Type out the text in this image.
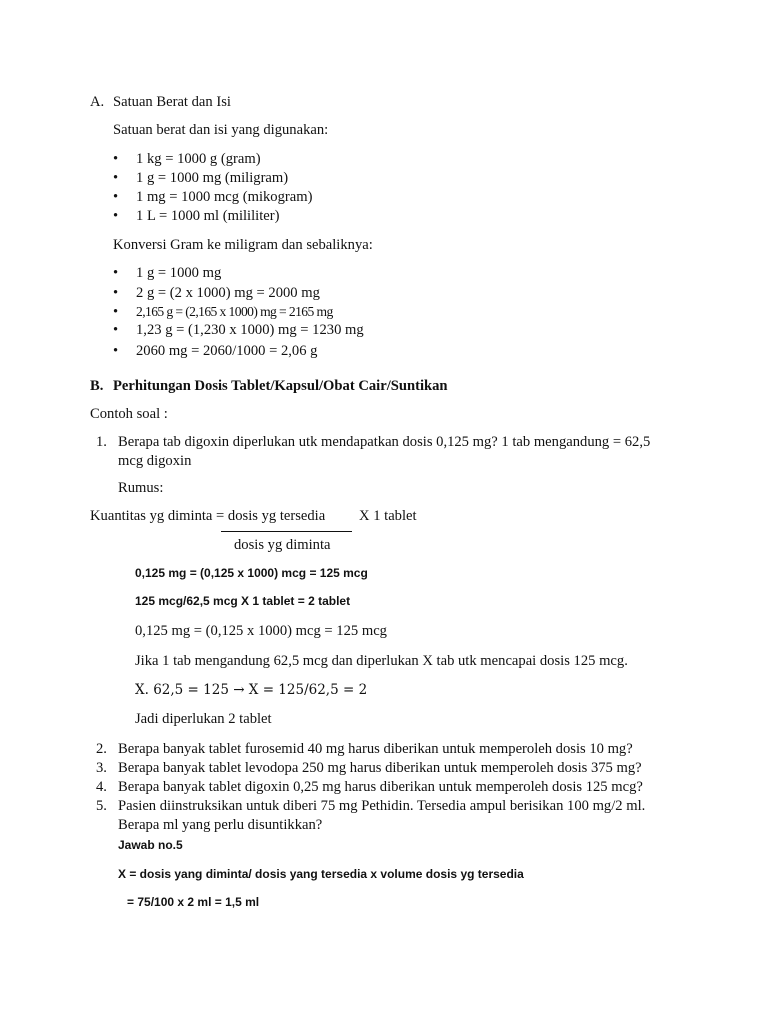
A. Satuan Berat dan Isi
Satuan berat dan isi yang digunakan:
• 1 kg = 1000 g (gram)
• 1 g = 1000 mg (miligram)
• 1 mg = 1000 mcg (mikogram)
• 1 L = 1000 ml (mililiter)
Konversi Gram ke miligram dan sebaliknya:
• 1 g = 1000 mg
• 2 g = (2 x 1000) mg = 2000 mg
• 2,165 g = (2,165 x 1000) mg = 2165 mg
• 1,23 g = (1,230 x 1000) mg = 1230 mg
• 2060 mg = 2060/1000 = 2,06 g
B. Perhitungan Dosis Tablet/Kapsul/Obat Cair/Suntikan
Contoh soal :
1. Berapa tab digoxin diperlukan utk mendapatkan dosis 0,125 mg? 1 tab mengandung = 62,5
mcg digoxin
Rumus:
Kuantitas yg diminta = dosis yg tersedia X 1 tablet
dosis yg diminta
0,125 mg = (0,125 x 1000) mcg = 125 mcg
125 mcg/62,5 mcg X 1 tablet = 2 tablet
0,125 mg = (0,125 x 1000) mcg = 125 mcg
Jika 1 tab mengandung 62,5 mcg dan diperlukan X tab utk mencapai dosis 125 mcg.
X. 62,5 = 125 → X = 125/62,5 = 2
Jadi diperlukan 2 tablet
2. Berapa banyak tablet furosemid 40 mg harus diberikan untuk memperoleh dosis 10 mg?
3. Berapa banyak tablet levodopa 250 mg harus diberikan untuk memperoleh dosis 375 mg?
4. Berapa banyak tablet digoxin 0,25 mg harus diberikan untuk memperoleh dosis 125 mcg?
5. Pasien diinstruksikan untuk diberi 75 mg Pethidin. Tersedia ampul berisikan 100 mg/2 ml.
Berapa ml yang perlu disuntikkan?
Jawab no.5
X = dosis yang diminta/ dosis yang tersedia x volume dosis yg tersedia
= 75/100 x 2 ml = 1,5 ml
